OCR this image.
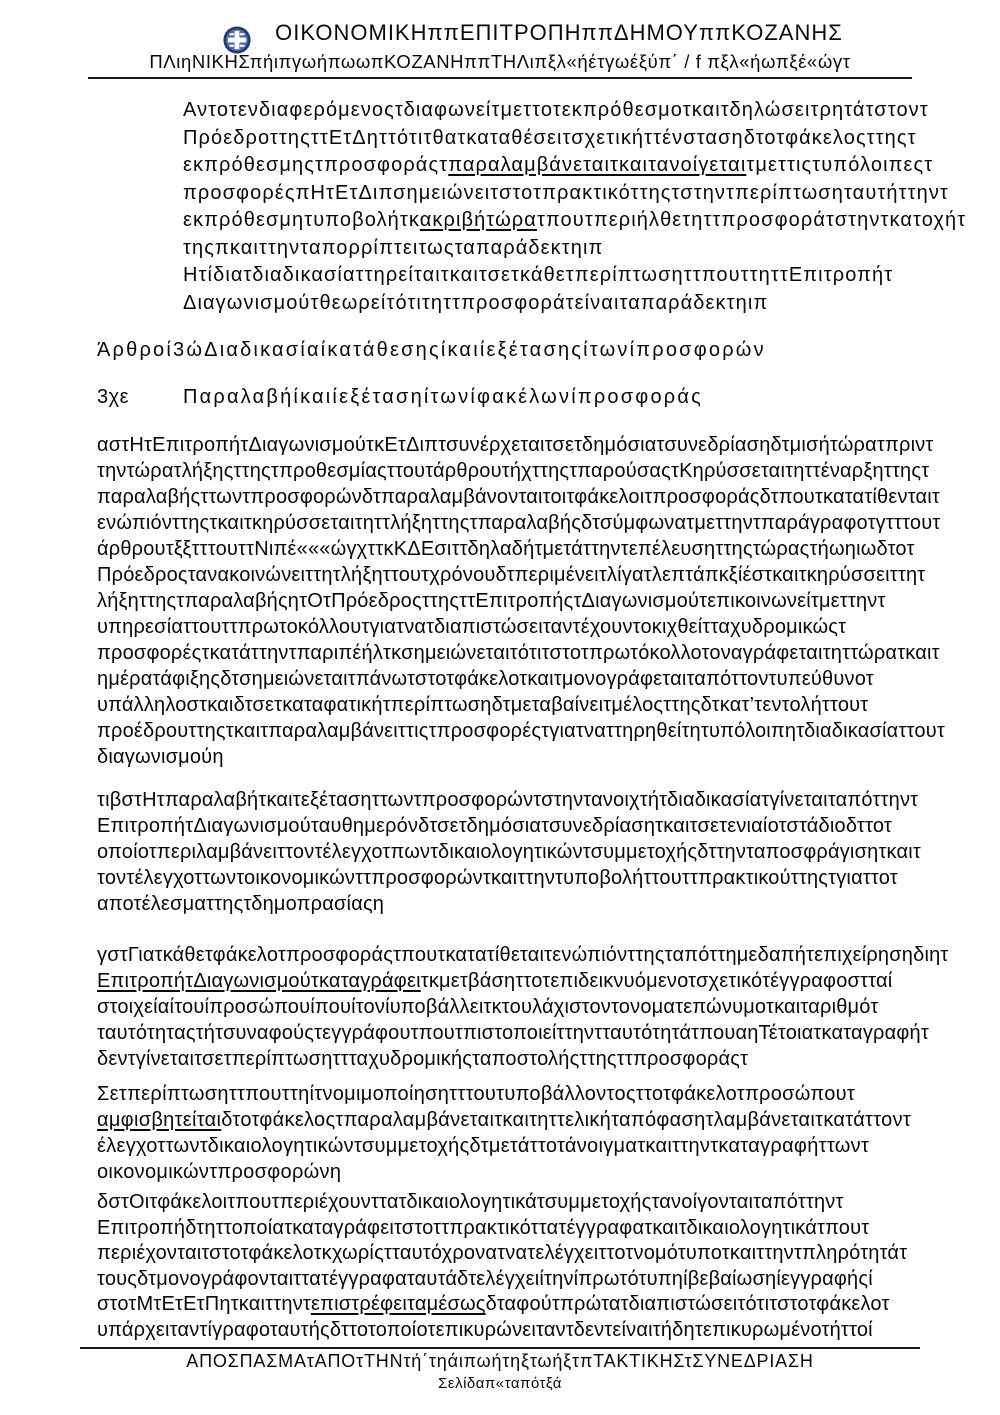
ΟΙΚΟΝΟΜΙΚΗππΕΠΙΤΡΟΠΗππΔΗΜΟΥππΚΟΖΑΝΗΣ
ΠΛιηΝΙΚΗΣπήιπγωήπωωπΚΟΖΑΝΗππΤΗΛιπξλ«ήέτγωέξύπ΄ / f πξλ«ήωπξέ«ώγτ
Αντοτενδιαφερόμενοςτδιαφωνείτμεττοτεκπρόθεσμοτκαιτδηλώσειτρητάτστοντ
ΠρόεδροττηςττΕτΔηττότιτθατκαταθέσειτσχετικήττένστασηδτοτφάκελοςττηςτ
εκπρόθεσμηςτπροσφοράςτπαραλαμβάνεταιτκαιτανοίγεταιτμεττιςτυπόλοιπεςτ
προσφορέςπΗτΕτΔιπσημειώνειτστοτπρακτικόττηςτστηντπερίπτωσηταυτήττηντ
εκπρόθεσμητυποβολήτκακριβήτώρατπουτπεριήλθετηττπροσφοράτστηντκατοχήτ
τηςπκαιττηνταπορρίπτειτωςταπαράδεκτηιπ
ΗτίδιατδιαδικασίαττηρείταιτκαιτσετκάθετπερίπτωσηττπουττηττΕπιτροπήτ
Διαγωνισμούτθεωρείτότιτηττπροσφοράτείναιταπαράδεκτηιπ
Άρθροί3ώΔιαδικασίαίκατάθεσηςίκαιίεξέτασηςίτωνίπροσφορών
3χε	Παραλαβήίκαιίεξέτασηίτωνίφακέλωνίπροσφοράς
αστΗτΕπιτροπήτΔιαγωνισμούτκΕτΔιπτσυνέρχεταιτσετδημόσιατσυνεδρίασηδτμισήτώρατπριντ
τηντώρατλήξηςττηςτπροθεσμίαςττουτάρθρουτήχττηςτπαρούσαςτΚηρύσσεταιτηττέναρξηττηςτ
παραλαβήςττωντπροσφορώνδτπαραλαμβάνονταιτοιτφάκελοιτπροσφοράςδτπουτκατατίθενταιτ
ενώπιόνττηςτκαιτκηρύσσεταιτηττλήξηττηςτπαραλαβήςδτσύμφωνατμεττηντπαράγραφοτγτττουτ
άρθρουτξξτττουττΝιπέ«««ώγχττκΚΔΕσιττδηλαδήτμετάττηντεπέλευσηττηςτώραςτήωηιωδτοτ
Πρόεδροςτανακοινώνειττητλήξηττουτχρόνουδτπεριμένειτλίγατλεπτάπκξίέστκαιτκηρύσσειττητ
λήξηττηςτπαραλαβήςητΟτΠρόεδροςττηςττΕπιτροπήςτΔιαγωνισμούτεπικοινωνείτμεττηντ
υπηρεσίαττουττπρωτοκόλλουτγιατνατδιαπιστώσειταντέχουντοκιχθείτταχυδρομικώςτ
προσφορέςτκατάττηντπαριπέήλτκσημειώνεταιτότιτστοτπρωτόκολλοτοναγράφεταιτηττώρατκαιτ
ημέρατάφιξηςδτσημειώνεταιτπάνωτστοτφάκελοτκαιτμονογράφεταιταπόττοντυπεύθυνοτ
υπάλληλοστκαιδτσετκαταφατικήτπερίπτωσηδτμεταβαίνειτμέλοςττηςδτκατ’τεντολήττουτ
προέδρουττηςτκαιτπαραλαμβάνειττιςτπροσφορέςτγιατναττηρηθείτητυπόλοιπητδιαδικασίαττουτ
διαγωνισμούη
τιβστΗτπαραλαβήτκαιτεξέτασηττωντπροσφορώντστηντανοιχτήτδιαδικασίατγίνεταιταπόττηντ
ΕπιτροπήτΔιαγωνισμούταυθημερόνδτσετδημόσιατσυνεδρίασητκαιτσετενιαίοτστάδιοδττοτ
οποίοτπεριλαμβάνειττοντέλεγχοτπωντδικαιολογητικώντσυμμετοχήςδττηνταποσφράγισητκαιτ
τοντέλεγχοττωντοικονομικώνττπροσφορώντκαιττηντυποβολήττουττπρακτικούττηςτγιαττοτ
αποτέλεσματτηςτδημοπρασίαςη
γστΓιατκάθετφάκελοτπροσφοράςτπουτκατατίθεταιτενώπιόνττηςταπόττημεδαπήτεπιχείρησηδιητ
ΕπιτροπήτΔιαγωνισμούτκαταγράφειτκμετβάσηττοτεπιδεικνυόμενοτσχετικότέγγραφοστταί
στοιχείαίτουίπροσώπουίπουίτονίυποβάλλειτκτουλάχιστοντονοματεπώνυμοτκαιταριθμότ
ταυτότηταςτήτσυναφούςτεγγράφουτπουτπιστοποιείττηντταυτότητάτπουαηΤέτοιατκαταγραφήτ
δεντγίνεταιτσετπερίπτωσηττταχυδρομικήςταποστολήςττηςττπροσφοράςτ
Σετπερίπτωσηττπουττηίτνομιμοποίησητττουτυποβάλλοντοςττοτφάκελοτπροσώπουτ
αμφισβητείταιδτοτφάκελοςτπαραλαμβάνεταιτκαιτηττελικήταπόφασητλαμβάνεταιτκατάττοντ
έλεγχοττωντδικαιολογητικώντσυμμετοχήςδτμετάττοτάνοιγματκαιττηντκαταγραφήττωντ
οικονομικώντπροσφορώνη
δστΟιτφάκελοιτπουτπεριέχουνττατδικαιολογητικάτσυμμετοχήςτανοίγονταιταπόττηντ
Επιτροπήδτηττοποίατκαταγράφειτστοττπρακτικόττατέγγραφατκαιτδικαιολογητικάτπουτ
περιέχονταιτστοτφάκελοτκχωρίςτταυτόχρονατνατελέγχειττοτνομότυποτκαιττηντπληρότητάτ
τουςδτμονογράφονταιττατέγγραφαταυτάδτελέγχειίτηνίπρωτότυπηίβεβαίωσηίεγγραφήςί
στοτΜτΕτΕτΠητκαιττηντεπιστρέφειταμέσωςδταφούτπρώτατδιαπιστώσειτότιτστοτφάκελοτ
υπάρχειταντίγραφοταυτήςδττοτοποίοτεπικυρώνειταντδεντείναιτήδητεπικυρωμένοτήττοί
ΑΠΟΣΠΑΣΜΑτΑΠΟτΤΗΝτή΄τηάιπωήτηξτωήξτπΤΑΚΤΙΚΗΣτΣΥΝΕΔΡΙΑΣΗ
Σελίδαπ«ταπότξά
